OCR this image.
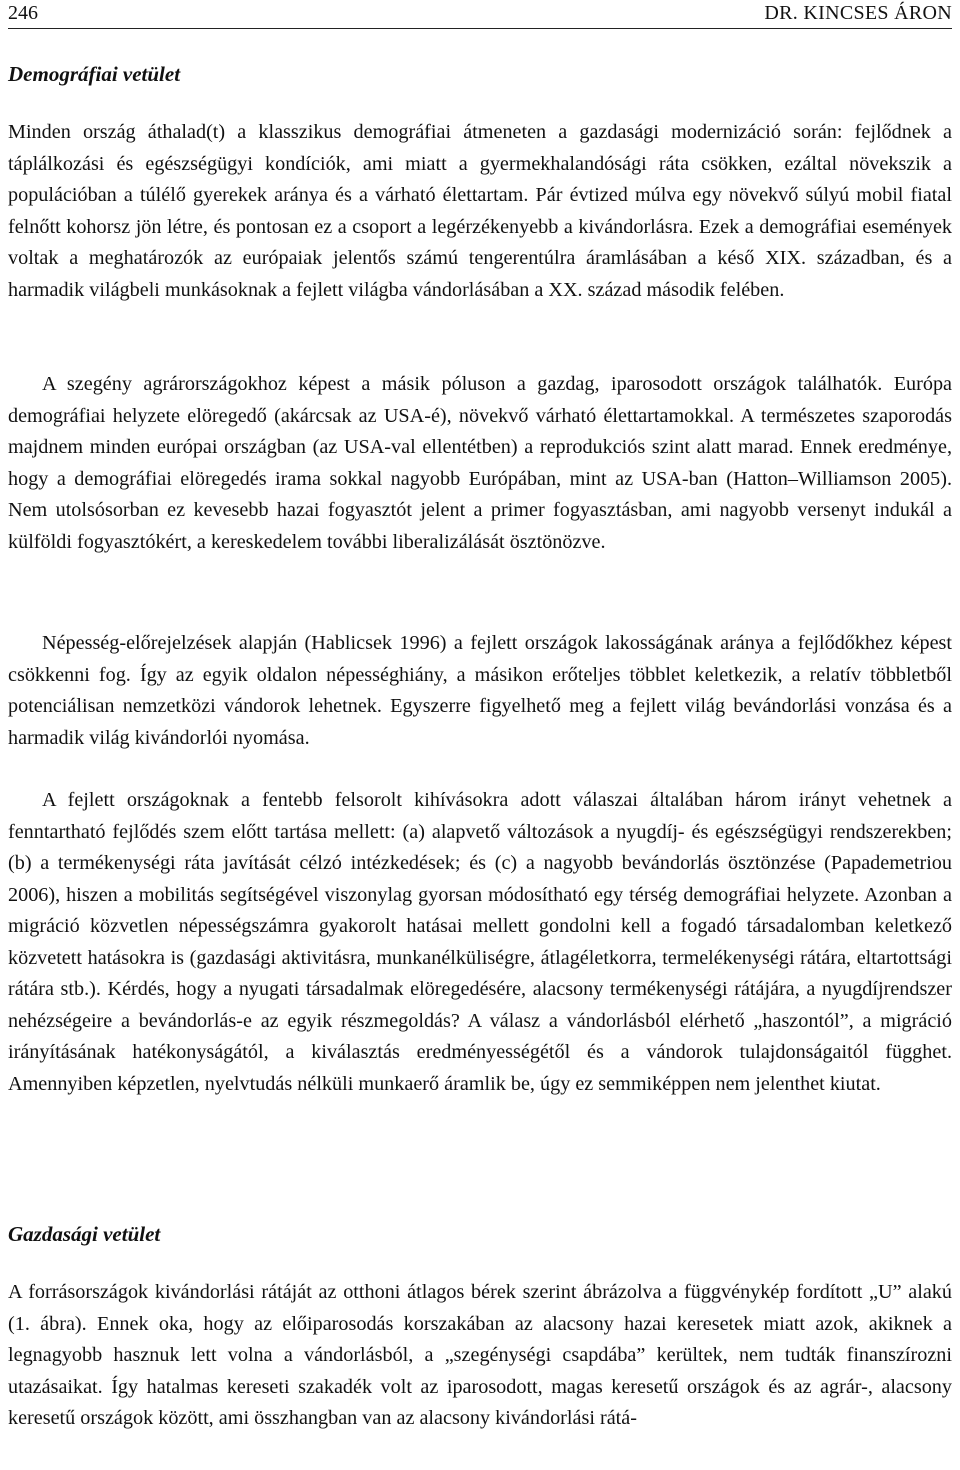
246	DR. KINCSES ÁRON
Demográfiai vetület

Minden ország áthalad(t) a klasszikus demográfiai átmeneten a gazdasági modernizáció során: fejlődnek a táplálkozási és egészségügyi kondíciók, ami miatt a gyermekhalandósági ráta csökken, ezáltal növekszik a populációban a túlélő gyerekek aránya és a várható élettartam. Pár évtized múlva egy növekvő súlyú mobil fiatal felnőtt kohorsz jön létre, és pontosan ez a csoport a legérzékenyebb a kivándorlásra. Ezek a demográfiai események voltak a meghatározók az európaiak jelentős számú tengerentúlra áramlásában a késő XIX. században, és a harmadik világbeli munkásoknak a fejlett világba vándorlásában a XX. század második felében.

A szegény agrárországokhoz képest a másik póluson a gazdag, iparosodott országok találhatók. Európa demográfiai helyzete elöregedő (akárcsak az USA-é), növekvő várható élettartamokkal. A természetes szaporodás majdnem minden európai országban (az USA-val ellentétben) a reprodukciós szint alatt marad. Ennek eredménye, hogy a demográfiai elöregedés irama sokkal nagyobb Európában, mint az USA-ban (Hatton–Williamson 2005). Nem utolsósorban ez kevesebb hazai fogyasztót jelent a primer fogyasztásban, ami nagyobb versenyt indukál a külföldi fogyasztókért, a kereskedelem további liberalizálását ösztönözve.

Népesség-előrejelzések alapján (Hablicsek 1996) a fejlett országok lakosságának aránya a fejlődőkhez képest csökkenni fog. Így az egyik oldalon népességhiány, a másikon erőteljes többlet keletkezik, a relatív többletből potenciálisan nemzetközi vándorok lehetnek. Egyszerre figyelhető meg a fejlett világ bevándorlási vonzása és a harmadik világ kivándorlói nyomása.

A fejlett országoknak a fentebb felsorolt kihívásokra adott válaszai általában három irányt vehetnek a fenntartható fejlődés szem előtt tartása mellett: (a) alapvető változások a nyugdíj- és egészségügyi rendszerekben; (b) a termékenységi ráta javítását célzó intézkedések; és (c) a nagyobb bevándorlás ösztönzése (Papademetriou 2006), hiszen a mobilitás segítségével viszonylag gyorsan módosítható egy térség demográfiai helyzete. Azonban a migráció közvetlen népességszámra gyakorolt hatásai mellett gondolni kell a fogadó társadalomban keletkező közvetett hatásokra is (gazdasági aktivitásra, munkanélküliségre, átlagéletkorra, termelékenységi rátára, eltartottsági rátára stb.). Kérdés, hogy a nyugati társadalmak elöregedésére, alacsony termékenységi rátájára, a nyugdíjrendszer nehézségeire a bevándorlás-e az egyik részmegoldás? A válasz a vándorlásból elérhető „haszontól”, a migráció irányításának hatékonyságától, a kiválasztás eredményességétől és a vándorok tulajdonságaitól függhet. Amennyiben képzetlen, nyelvtudás nélküli munkaerő áramlik be, úgy ez semmiképpen nem jelenthet kiutat.

Gazdasági vetület

A forrásországok kivándorlási rátáját az otthoni átlagos bérek szerint ábrázolva a függvénykép fordított „U” alakú (1. ábra). Ennek oka, hogy az előiparosodás korszakában az alacsony hazai keresetek miatt azok, akiknek a legnagyobb hasznuk lett volna a vándorlásból, a „szegénységi csapdába” kerültek, nem tudták finanszírozni utazásaikat. Így hatalmas kereseti szakadék volt az iparosodott, magas keresetű országok és az agrár-, alacsony keresetű országok között, ami összhangban van az alacsony kivándorlási rátá-
